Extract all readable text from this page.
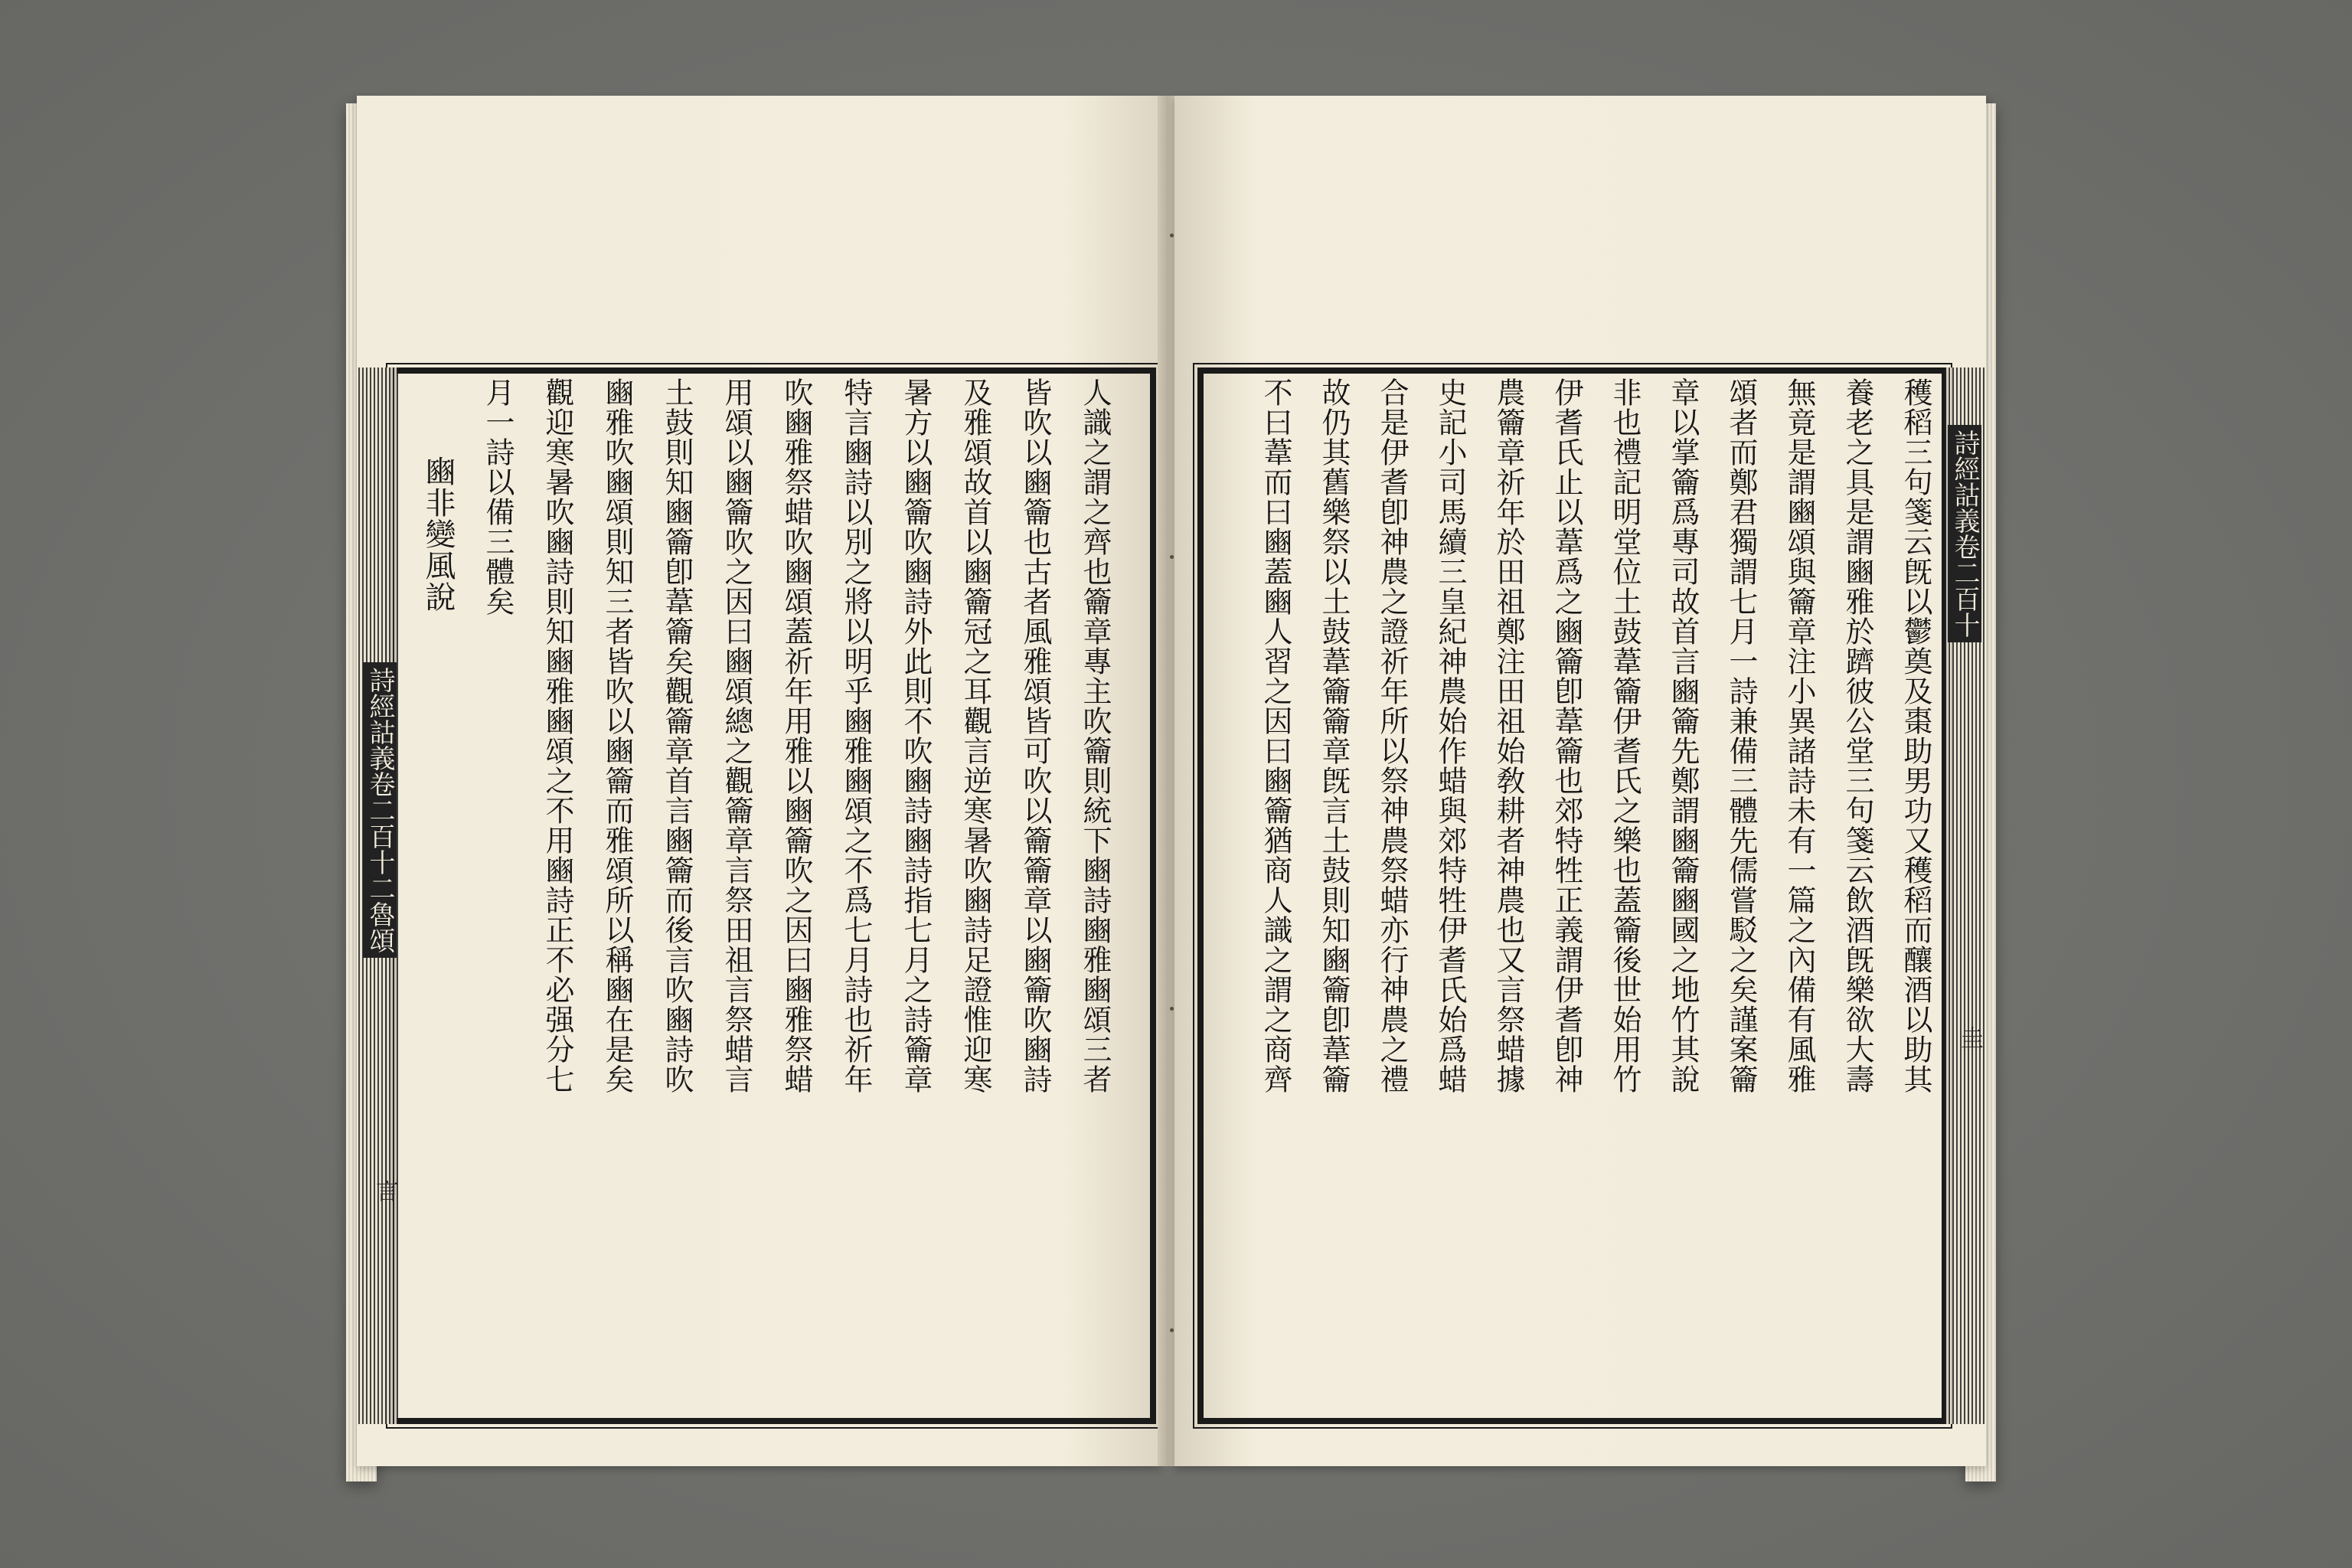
詩經詁義卷二百十二魯頌
言
人識之謂之齊也籥章專主吹籥則統下豳詩豳雅豳頌三者
皆吹以豳籥也古者風雅頌皆可吹以籥籥章以豳籥吹豳詩
及雅頌故首以豳籥冠之耳觀言逆寒暑吹豳詩足證惟迎寒
暑方以豳籥吹豳詩外此則不吹豳詩豳詩指七月之詩籥章
特言豳詩以別之將以明乎豳雅豳頌之不爲七月詩也祈年
吹豳雅祭蜡吹豳頌蓋祈年用雅以豳籥吹之因曰豳雅祭蜡
用頌以豳籥吹之因曰豳頌總之觀籥章言祭田祖言祭蜡言
土鼓則知豳籥卽葦籥矣觀籥章首言豳籥而後言吹豳詩吹
豳雅吹豳頌則知三者皆吹以豳籥而雅頌所以稱豳在是矣
觀迎寒暑吹豳詩則知豳雅豳頌之不用豳詩正不必强分七
月一詩以備三體矣
豳非變風說	詩經詁義卷二百十
圭
穫稻三句箋云旣以鬱奠及棗助男功又穫稻而釀酒以助其
養老之具是謂豳雅於躋彼公堂三句箋云飲酒旣樂欲大壽
無竟是謂豳頌與籥章注小異諸詩未有一篇之內備有風雅
頌者而鄭君獨謂七月一詩兼備三體先儒嘗駁之矣謹案籥
章以掌籥爲專司故首言豳籥先鄭謂豳籥豳國之地竹其說
非也禮記明堂位土鼓葦籥伊耆氏之樂也蓋籥後世始用竹
伊耆氏止以葦爲之豳籥卽葦籥也郊特牲正義謂伊耆卽神
農籥章祈年於田祖鄭注田祖始敎耕者神農也又言祭蜡據
史記小司馬續三皇紀神農始作蜡與郊特牲伊耆氏始爲蜡
合是伊耆卽神農之證祈年所以祭神農祭蜡亦行神農之禮
故仍其舊樂祭以土鼓葦籥籥章旣言土鼓則知豳籥卽葦籥
不曰葦而曰豳蓋豳人習之因曰豳籥猶商人識之謂之商齊
